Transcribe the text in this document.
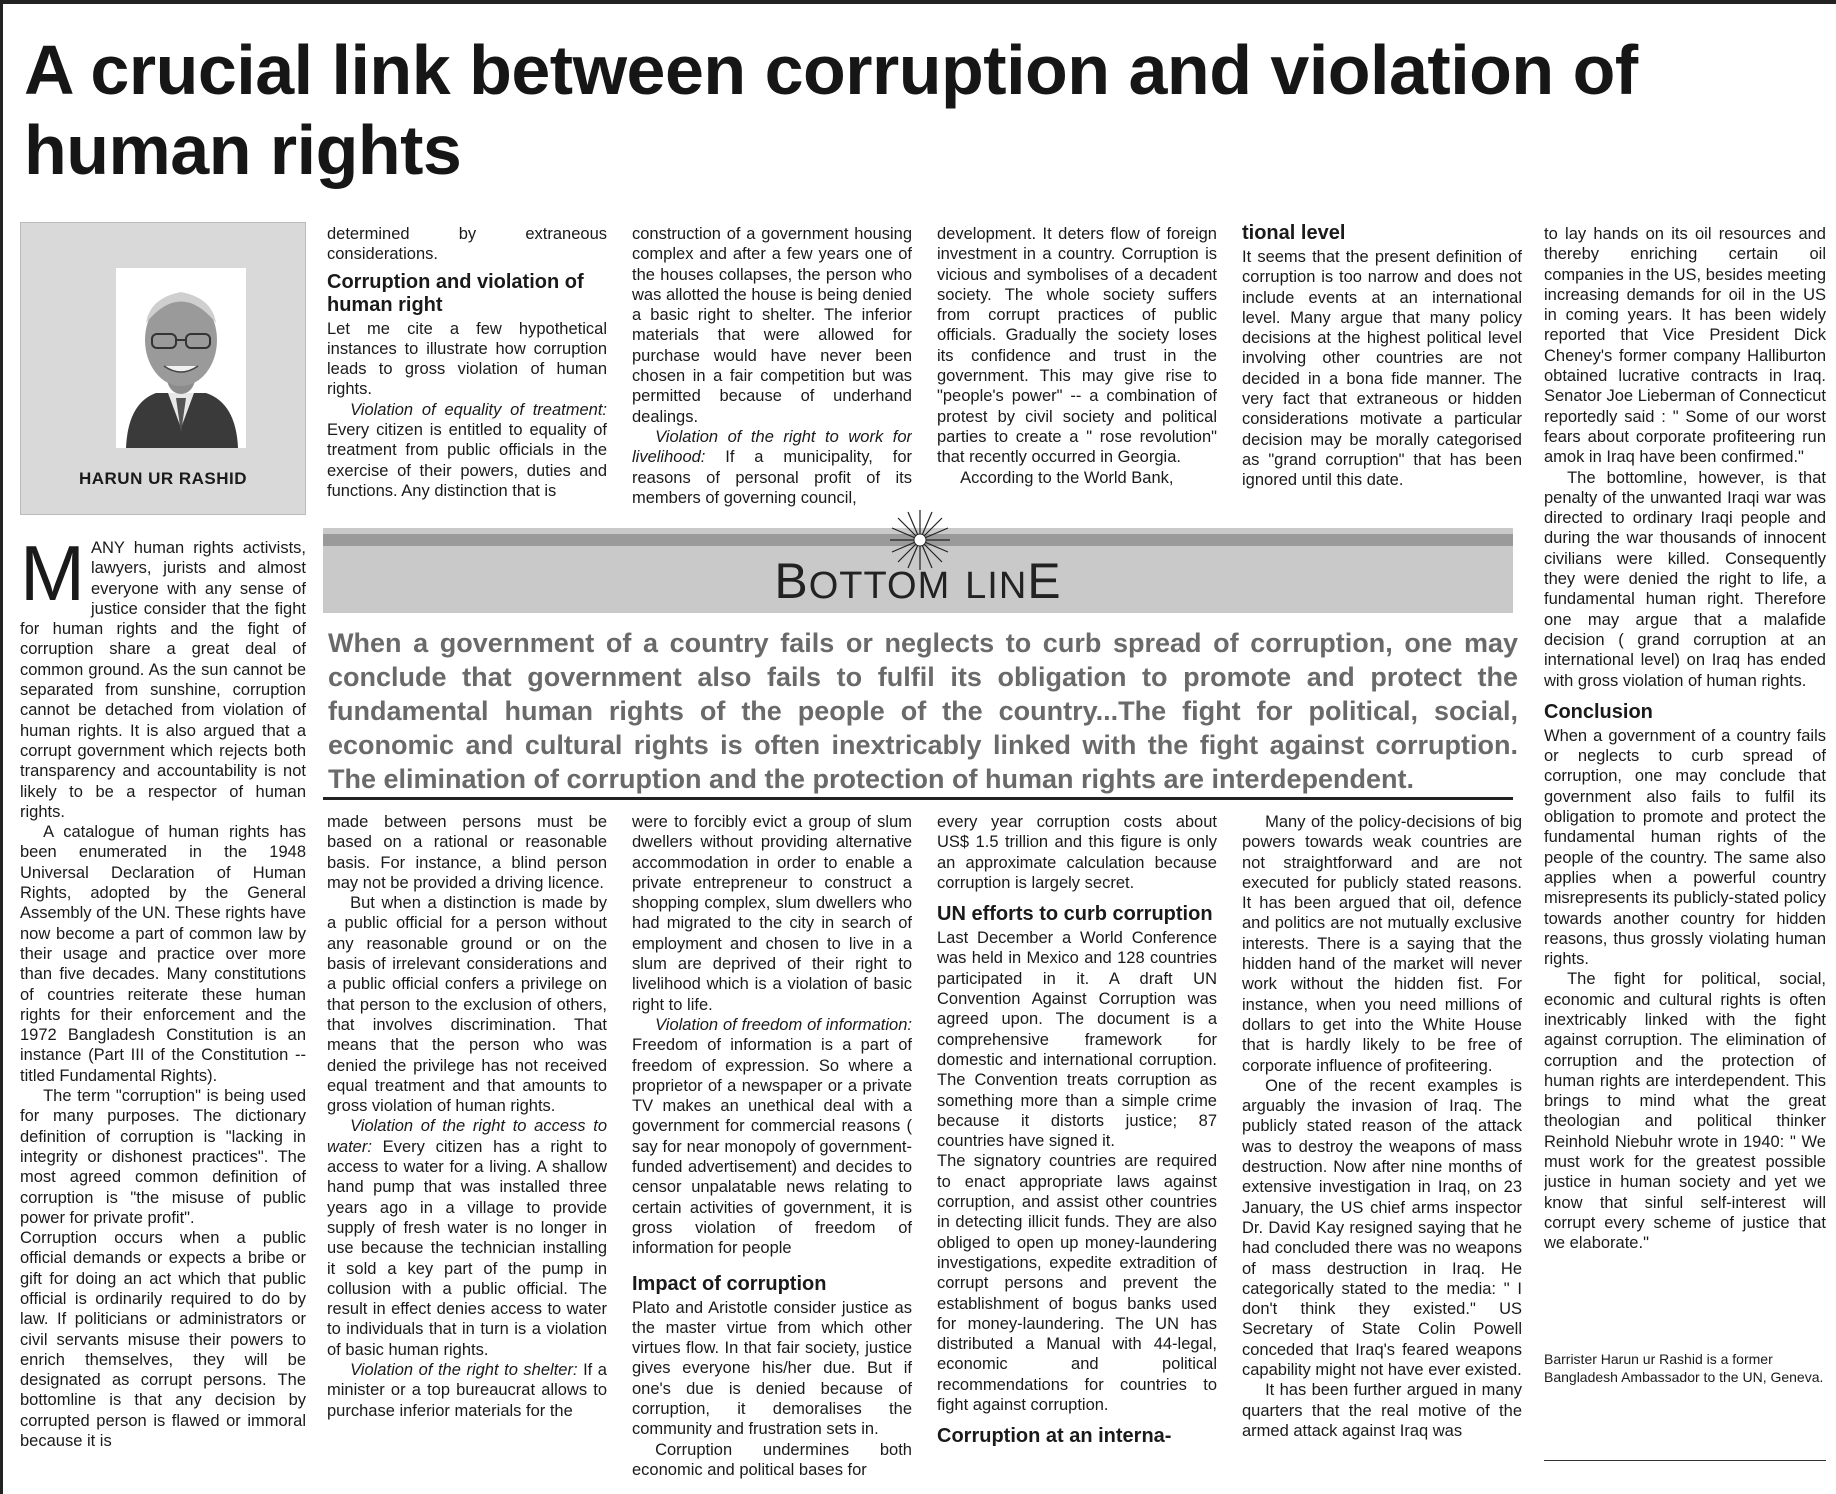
A crucial link between corruption and violation of human rights
HARUN UR RASHID

MANY human rights activists, lawyers, jurists and almost everyone with any sense of justice consider that the fight for human rights and the fight of corruption share a great deal of common ground. As the sun cannot be separated from sunshine, corruption cannot be detached from violation of human rights. It is also argued that a corrupt government which rejects both transparency and accountability is not likely to be a respector of human rights.

A catalogue of human rights has been enumerated in the 1948 Universal Declaration of Human Rights, adopted by the General Assembly of the UN. These rights have now become a part of common law by their usage and practice over more than five decades. Many constitutions of countries reiterate these human rights for their enforcement and the 1972 Bangladesh Constitution is an instance (Part III of the Constitution -- titled Fundamental Rights).

The term "corruption" is being used for many purposes. The dictionary definition of corruption is "lacking in integrity or dishonest practices". The most agreed common definition of corruption is "the misuse of public power for private profit".

Corruption occurs when a public official demands or expects a bribe or gift for doing an act which that public official is ordinarily required to do by law. If politicians or administrators or civil servants misuse their powers to enrich themselves, they will be designated as corrupt persons. The bottomline is that any decision by corrupted person is flawed or immoral because it is

determined by extraneous considerations.

Corruption and violation of human right

Let me cite a few hypothetical instances to illustrate how corruption leads to gross violation of human rights.

Violation of equality of treatment: Every citizen is entitled to equality of treatment from public officials in the exercise of their powers, duties and functions. Any distinction that is

construction of a government housing complex and after a few years one of the houses collapses, the person who was allotted the house is being denied a basic right to shelter. The inferior materials that were allowed for purchase would have never been chosen in a fair competition but was permitted because of underhand dealings.

Violation of the right to work for livelihood: If a municipality, for reasons of personal profit of its members of governing council,

development. It deters flow of foreign investment in a country. Corruption is vicious and symbolises of a decadent society. The whole society suffers from corrupt practices of public officials. Gradually the society loses its confidence and trust in the government. This may give rise to "people's power" -- a combination of protest by civil society and political parties to create a " rose revolution" that recently occurred in Georgia.

According to the World Bank,

tional level

It seems that the present definition of corruption is too narrow and does not include events at an international level. Many argue that many policy decisions at the highest political level involving other countries are not decided in a bona fide manner. The very fact that extraneous or hidden considerations motivate a particular decision may be morally categorised as "grand corruption" that has been ignored until this date.

BOTTOM LINE
When a government of a country fails or neglects to curb spread of corruption, one may conclude that government also fails to fulfil its obligation to promote and protect the fundamental human rights of the people of the country...The fight for political, social, economic and cultural rights is often inextricably linked with the fight against corruption. The elimination of corruption and the protection of human rights are interdependent.

made between persons must be based on a rational or reasonable basis. For instance, a blind person may not be provided a driving licence.

But when a distinction is made by a public official for a person without any reasonable ground or on the basis of irrelevant considerations and a public official confers a privilege on that person to the exclusion of others, that involves discrimination. That means that the person who was denied the privilege has not received equal treatment and that amounts to gross violation of human rights.

Violation of the right to access to water: Every citizen has a right to access to water for a living. A shallow hand pump that was installed three years ago in a village to provide supply of fresh water is no longer in use because the technician installing it sold a key part of the pump in collusion with a public official. The result in effect denies access to water to individuals that in turn is a violation of basic human rights.

Violation of the right to shelter: If a minister or a top bureaucrat allows to purchase inferior materials for the

were to forcibly evict a group of slum dwellers without providing alternative accommodation in order to enable a private entrepreneur to construct a shopping complex, slum dwellers who had migrated to the city in search of employment and chosen to live in a slum are deprived of their right to livelihood which is a violation of basic right to life.

Violation of freedom of information: Freedom of information is a part of freedom of expression. So where a proprietor of a newspaper or a private TV makes an unethical deal with a government for commercial reasons ( say for near monopoly of government-funded advertisement) and decides to censor unpalatable news relating to certain activities of government, it is gross violation of freedom of information for people

Impact of corruption

Plato and Aristotle consider justice as the master virtue from which other virtues flow. In that fair society, justice gives everyone his/her due. But if one's due is denied because of corruption, it demoralises the community and frustration sets in.

Corruption undermines both economic and political bases for

every year corruption costs about US$ 1.5 trillion and this figure is only an approximate calculation because corruption is largely secret.

UN efforts to curb corruption

Last December a World Conference was held in Mexico and 128 countries participated in it. A draft UN Convention Against Corruption was agreed upon. The document is a comprehensive framework for domestic and international corruption. The Convention treats corruption as something more than a simple crime because it distorts justice; 87 countries have signed it.

The signatory countries are required to enact appropriate laws against corruption, and assist other countries in detecting illicit funds. They are also obliged to open up money-laundering investigations, expedite extradition of corrupt persons and prevent the establishment of bogus banks used for money-laundering. The UN has distributed a Manual with 44-legal, economic and political recommendations for countries to fight against corruption.

Corruption at an interna-

Many of the policy-decisions of big powers towards weak countries are not straightforward and are not executed for publicly stated reasons. It has been argued that oil, defence and politics are not mutually exclusive interests. There is a saying that the hidden hand of the market will never work without the hidden fist. For instance, when you need millions of dollars to get into the White House that is hardly likely to be free of corporate influence of profiteering.

One of the recent examples is arguably the invasion of Iraq. The publicly stated reason of the attack was to destroy the weapons of mass destruction. Now after nine months of extensive investigation in Iraq, on 23 January, the US chief arms inspector Dr. David Kay resigned saying that he had concluded there was no weapons of mass destruction in Iraq. He categorically stated to the media: " I don't think they existed." US Secretary of State Colin Powell conceded that Iraq's feared weapons capability might not have ever existed.

It has been further argued in many quarters that the real motive of the armed attack against Iraq was

to lay hands on its oil resources and thereby enriching certain oil companies in the US, besides meeting increasing demands for oil in the US in coming years. It has been widely reported that Vice President Dick Cheney's former company Halliburton obtained lucrative contracts in Iraq. Senator Joe Lieberman of Connecticut reportedly said : " Some of our worst fears about corporate profiteering run amok in Iraq have been confirmed."

The bottomline, however, is that penalty of the unwanted Iraqi war was directed to ordinary Iraqi people and during the war thousands of innocent civilians were killed. Consequently they were denied the right to life, a fundamental human right. Therefore one may argue that a malafide decision ( grand corruption at an international level) on Iraq has ended with gross violation of human rights.

Conclusion

When a government of a country fails or neglects to curb spread of corruption, one may conclude that government also fails to fulfil its obligation to promote and protect the fundamental human rights of the people of the country. The same also applies when a powerful country misrepresents its publicly-stated policy towards another country for hidden reasons, thus grossly violating human rights.

The fight for political, social, economic and cultural rights is often inextricably linked with the fight against corruption. The elimination of corruption and the protection of human rights are interdependent. This brings to mind what the great theologian and political thinker Reinhold Niebuhr wrote in 1940: " We must work for the greatest possible justice in human society and yet we know that sinful self-interest will corrupt every scheme of justice that we elaborate."

Barrister Harun ur Rashid is a former Bangladesh Ambassador to the UN, Geneva.
